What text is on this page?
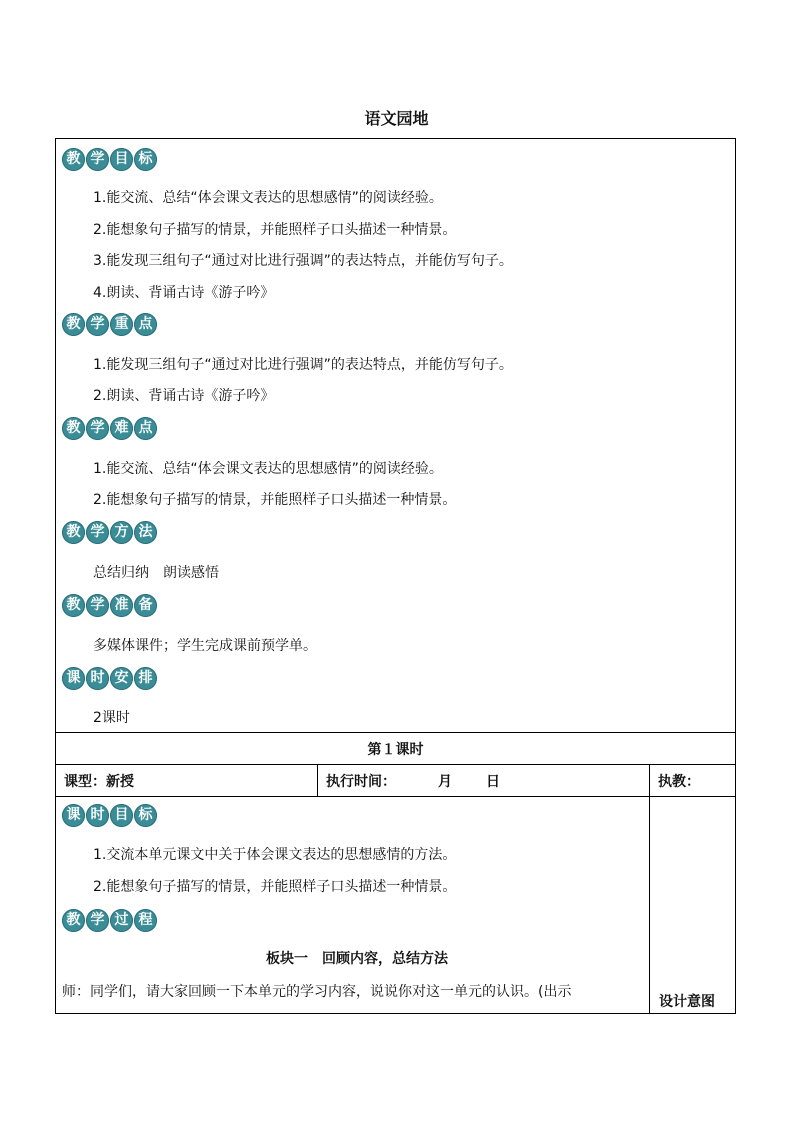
语文园地
教 学 目 标
1.能交流、总结“体会课文表达的思想感情”的阅读经验。
2.能想象句子描写的情景，并能照样子口头描述一种情景。
3.能发现三组句子“通过对比进行强调”的表达特点，并能仿写句子。
4.朗读、背诵古诗《游子吟》
教 学 重 点
1.能发现三组句子“通过对比进行强调”的表达特点，并能仿写句子。
2.朗读、背诵古诗《游子吟》
教 学 难 点
1.能交流、总结“体会课文表达的思想感情”的阅读经验。
2.能想象句子描写的情景，并能照样子口头描述一种情景。
教 学 方 法
总结归纳　朗读感悟
教 学 准 备
多媒体课件；学生完成课前预学单。
课 时 安 排
2课时
第１课时
课型：新授	执行时间：	月 日	执教：
课 时 目 标
1.交流本单元课文中关于体会课文表达的思想感情的方法。
2.能想象句子描写的情景，并能照样子口头描述一种情景。
教 学 过 程
板块一　回顾内容，总结方法
师：同学们，请大家回顾一下本单元的学习内容，说说你对这一单元的认识。(出示
设计意图
